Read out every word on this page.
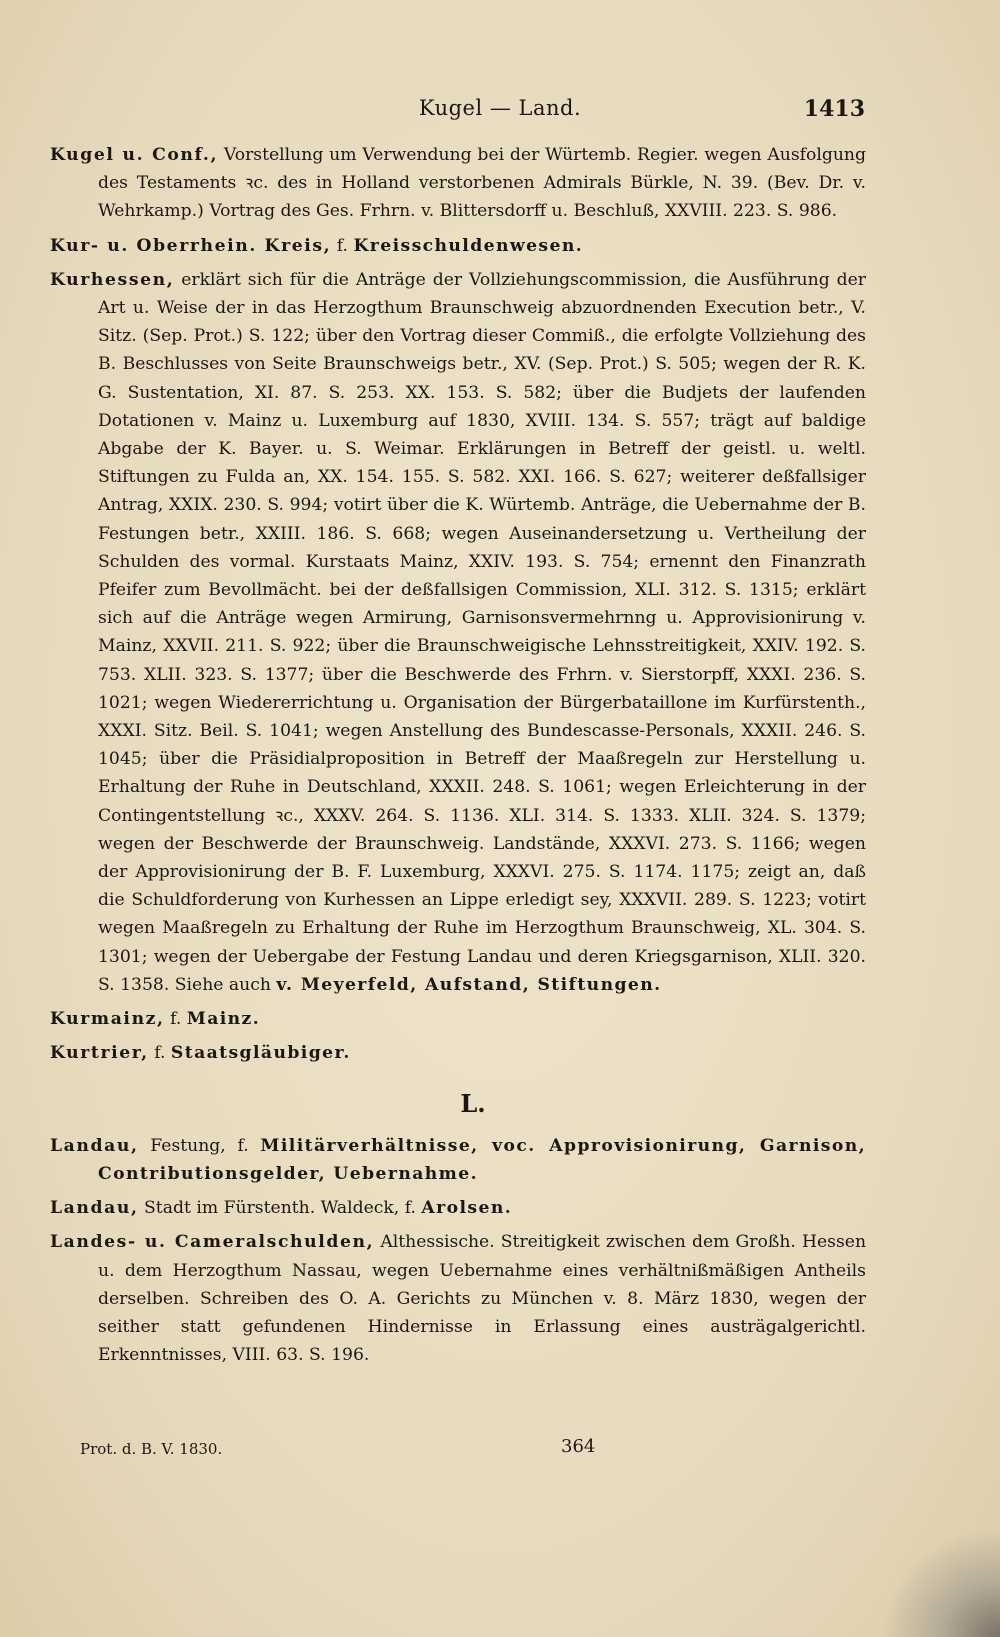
Kugel — Land.	1413

Kugel u. Conf., Vorstellung um Verwendung bei der Würtemb. Regier. wegen Ausfolgung des Testaments ꝛc. des in Holland verstorbenen Admirals Bürkle, N. 39. (Bev. Dr. v. Wehrkamp.) Vortrag des Ges. Frhrn. v. Blittersdorff u. Beschluß, XXVIII. 223. S. 986.

Kur- u. Oberrhein. Kreis, f. Kreisschuldenwesen.

Kurhessen, erklärt sich für die Anträge der Vollziehungscommission, die Ausführung der Art u. Weise der in das Herzogthum Braunschweig abzuordnenden Execution betr., V. Sitz. (Sep. Prot.) S. 122; über den Vortrag dieser Commiß., die erfolgte Vollziehung des B. Beschlusses von Seite Braunschweigs betr., XV. (Sep. Prot.) S. 505; wegen der R. K. G. Sustentation, XI. 87. S. 253. XX. 153. S. 582; über die Budjets der laufenden Dotationen v. Mainz u. Luxemburg auf 1830, XVIII. 134. S. 557; trägt auf baldige Abgabe der K. Bayer. u. S. Weimar. Erklärungen in Betreff der geistl. u. weltl. Stiftungen zu Fulda an, XX. 154. 155. S. 582. XXI. 166. S. 627; weiterer deßfallsiger Antrag, XXIX. 230. S. 994; votirt über die K. Würtemb. Anträge, die Uebernahme der B. Festungen betr., XXIII. 186. S. 668; wegen Auseinandersetzung u. Vertheilung der Schulden des vormal. Kurstaats Mainz, XXIV. 193. S. 754; ernennt den Finanzrath Pfeifer zum Bevollmächt. bei der deßfallsigen Commission, XLI. 312. S. 1315; erklärt sich auf die Anträge wegen Armirung, Garnisonsvermehrnng u. Approvisionirung v. Mainz, XXVII. 211. S. 922; über die Braunschweigische Lehnsstreitigkeit, XXIV. 192. S. 753. XLII. 323. S. 1377; über die Beschwerde des Frhrn. v. Sierstorpff, XXXI. 236. S. 1021; wegen Wiedererrichtung u. Organisation der Bürgerbataillone im Kurfürstenth., XXXI. Sitz. Beil. S. 1041; wegen Anstellung des Bundescasse-Personals, XXXII. 246. S. 1045; über die Präsidialproposition in Betreff der Maaßregeln zur Herstellung u. Erhaltung der Ruhe in Deutschland, XXXII. 248. S. 1061; wegen Erleichterung in der Contingentstellung ꝛc., XXXV. 264. S. 1136. XLI. 314. S. 1333. XLII. 324. S. 1379; wegen der Beschwerde der Braunschweig. Landstände, XXXVI. 273. S. 1166; wegen der Approvisionirung der B. F. Luxemburg, XXXVI. 275. S. 1174. 1175; zeigt an, daß die Schuldforderung von Kurhessen an Lippe erledigt sey, XXXVII. 289. S. 1223; votirt wegen Maaßregeln zu Erhaltung der Ruhe im Herzogthum Braunschweig, XL. 304. S. 1301; wegen der Uebergabe der Festung Landau und deren Kriegsgarnison, XLII. 320. S. 1358. Siehe auch v. Meyerfeld, Aufstand, Stiftungen.

Kurmainz, f. Mainz.

Kurtrier, f. Staatsgläubiger.

L.

Landau, Festung, f. Militärverhältnisse, voc. Approvisionirung, Garnison, Contributionsgelder, Uebernahme.

Landau, Stadt im Fürstenth. Waldeck, f. Arolsen.

Landes- u. Cameralschulden, Althessische. Streitigkeit zwischen dem Großh. Hessen u. dem Herzogthum Nassau, wegen Uebernahme eines verhältnißmäßigen Antheils derselben. Schreiben des O. A. Gerichts zu München v. 8. März 1830, wegen der seither statt gefundenen Hindernisse in Erlassung eines austrägalgerichtl. Erkenntnisses, VIII. 63. S. 196.

Prot. d. B. V. 1830.	364
